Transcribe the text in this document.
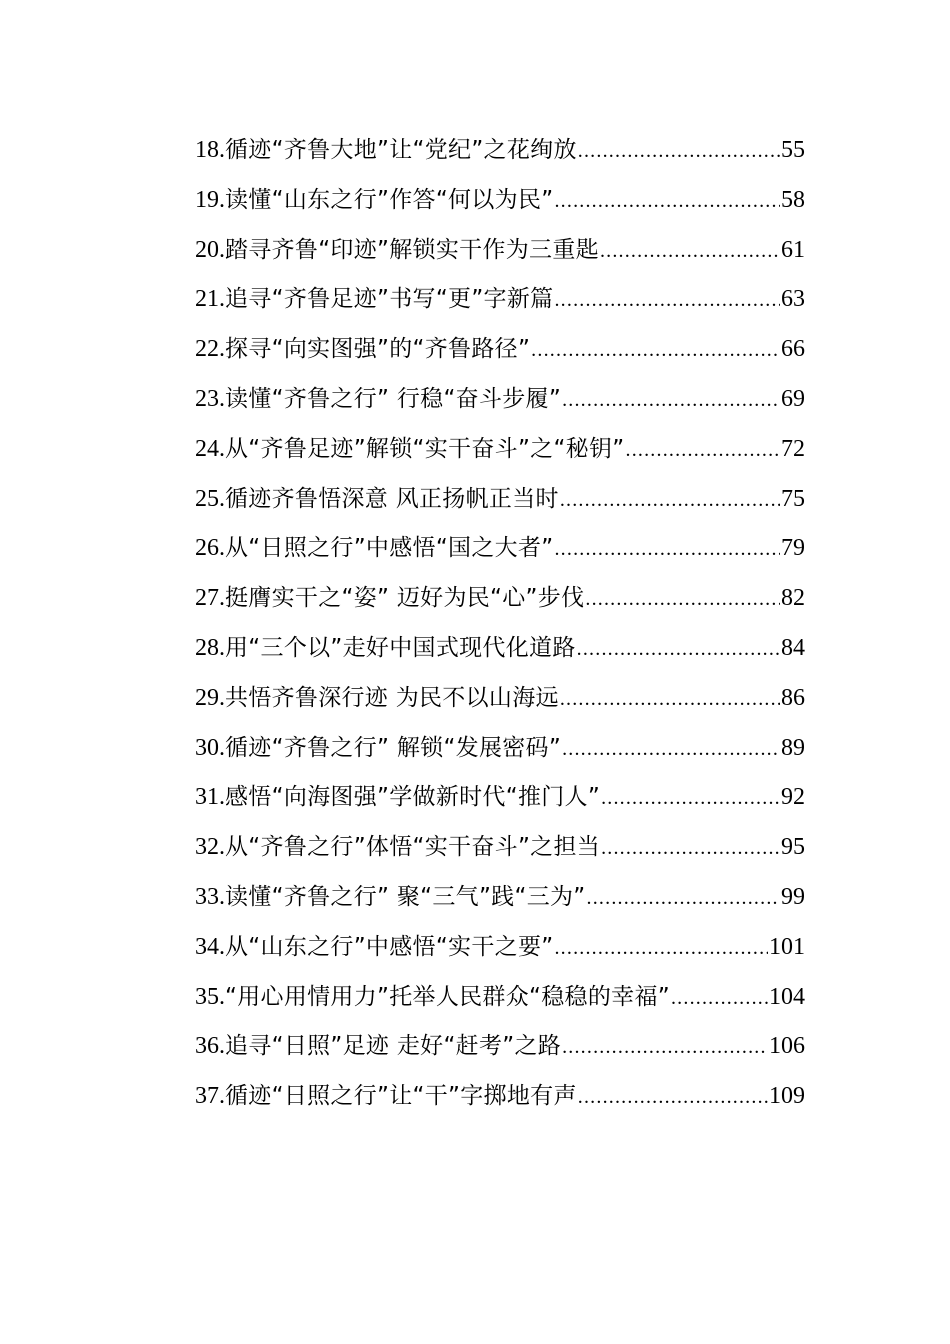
18. 循迹“齐鲁大地”让“党纪”之花绚放 .....	55
19. 读懂“山东之行”作答“何以为民” .....	58
20. 踏寻齐鲁“印迹”解锁实干作为三重匙 .....	61
21. 追寻“齐鲁足迹”书写“更”字新篇 .....	63
22. 探寻“向实图强”的“齐鲁路径” .....	66
23. 读懂“齐鲁之行” 行稳“奋斗步履” .....	69
24. 从“齐鲁足迹”解锁“实干奋斗”之“秘钥” .....	72
25. 循迹齐鲁悟深意 风正扬帆正当时 .....	75
26. 从“日照之行”中感悟“国之大者” .....	79
27. 挺膺实干之“姿” 迈好为民“心”步伐 .....	82
28. 用“三个以”走好中国式现代化道路 .....	84
29. 共悟齐鲁深行迹 为民不以山海远 .....	86
30. 循迹“齐鲁之行” 解锁“发展密码” .....	89
31. 感悟“向海图强”学做新时代“推门人” .....	92
32. 从“齐鲁之行”体悟“实干奋斗”之担当 .....	95
33. 读懂“齐鲁之行” 聚“三气”践“三为” .....	99
34. 从“山东之行”中感悟“实干之要” .....	101
35. “用心用情用力”托举人民群众“稳稳的幸福” .....	104
36. 追寻“日照”足迹 走好“赶考”之路 .....	106
37. 循迹“日照之行”让“干”字掷地有声 .....	109
